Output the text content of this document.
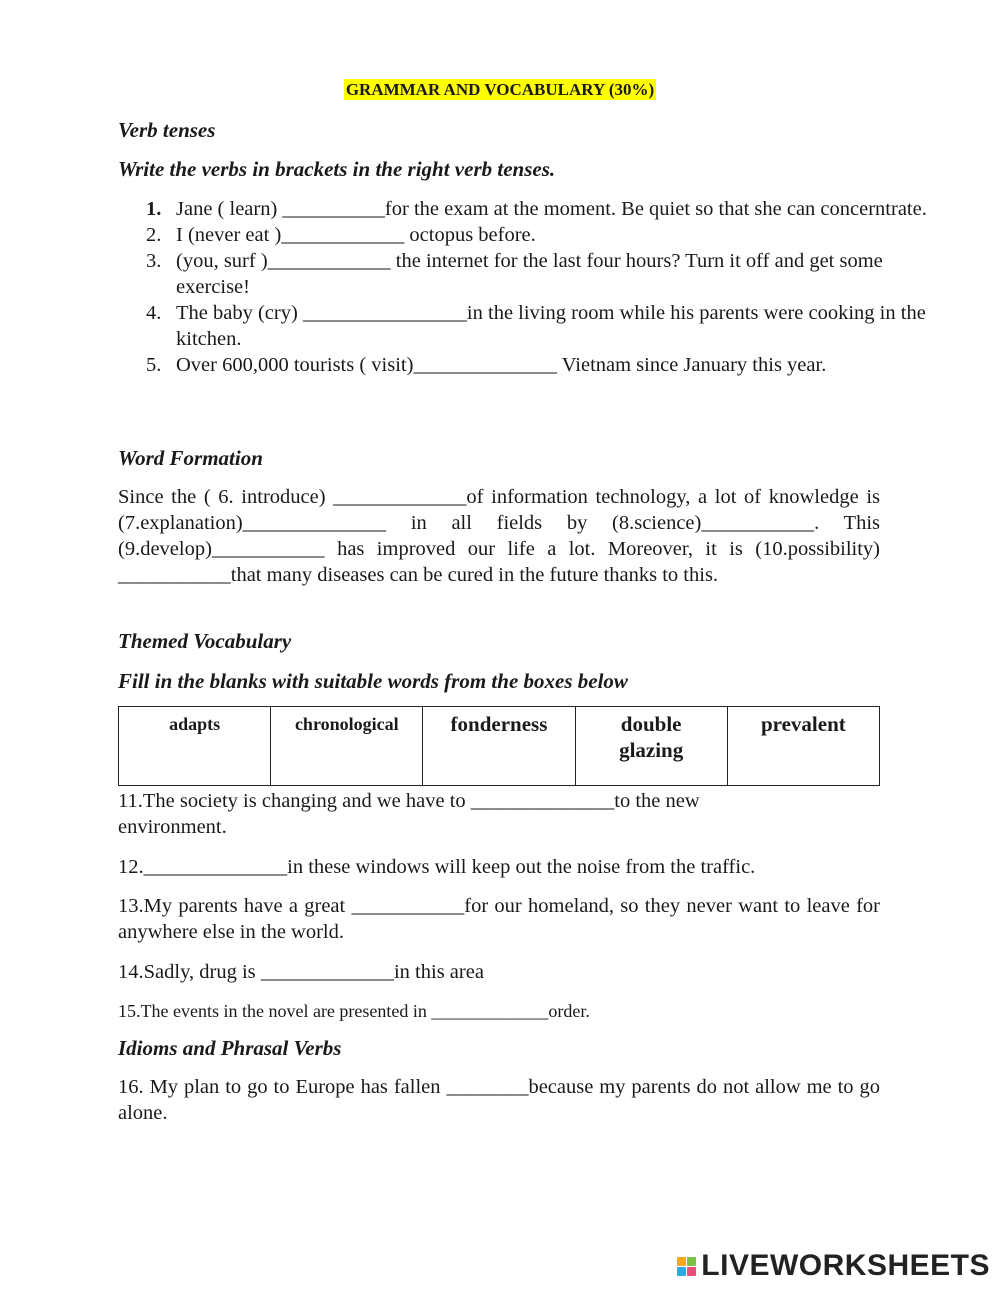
GRAMMAR AND VOCABULARY (30%)
Verb tenses
Write the verbs in brackets in the right verb tenses.
1. Jane ( learn) __________for the exam at the moment. Be quiet so that she can concerntrate.
2. I (never eat )____________ octopus before.
3. (you, surf )____________ the internet for the last four hours? Turn it off and get some exercise!
4. The baby (cry) ________________in the living room while his parents were cooking in the kitchen.
5. Over 600,000 tourists ( visit)______________ Vietnam since January this year.
Word Formation
Since the ( 6. introduce) _____________of information technology, a lot of knowledge is (7.explanation)______________ in all fields by (8.science)___________. This (9.develop)___________ has improved our life a lot. Moreover, it is (10.possibility) ___________that many diseases can be cured in the future thanks to this.
Themed Vocabulary
Fill in the blanks with suitable words from the boxes below
adapts	chronological	fonderness	double glazing	prevalent
11.The society is changing and we have to ______________to the new environment.
12.______________in these windows will keep out the noise from the traffic.
13.My parents have a great ___________for our homeland, so they never want to leave for anywhere else in the world.
14.Sadly, drug is _____________in this area
15.The events in the novel are presented in _____________order.
Idioms and Phrasal Verbs
16. My plan to go to Europe has fallen ________because my parents do not allow me to go alone.
LIVEWORKSHEETS
